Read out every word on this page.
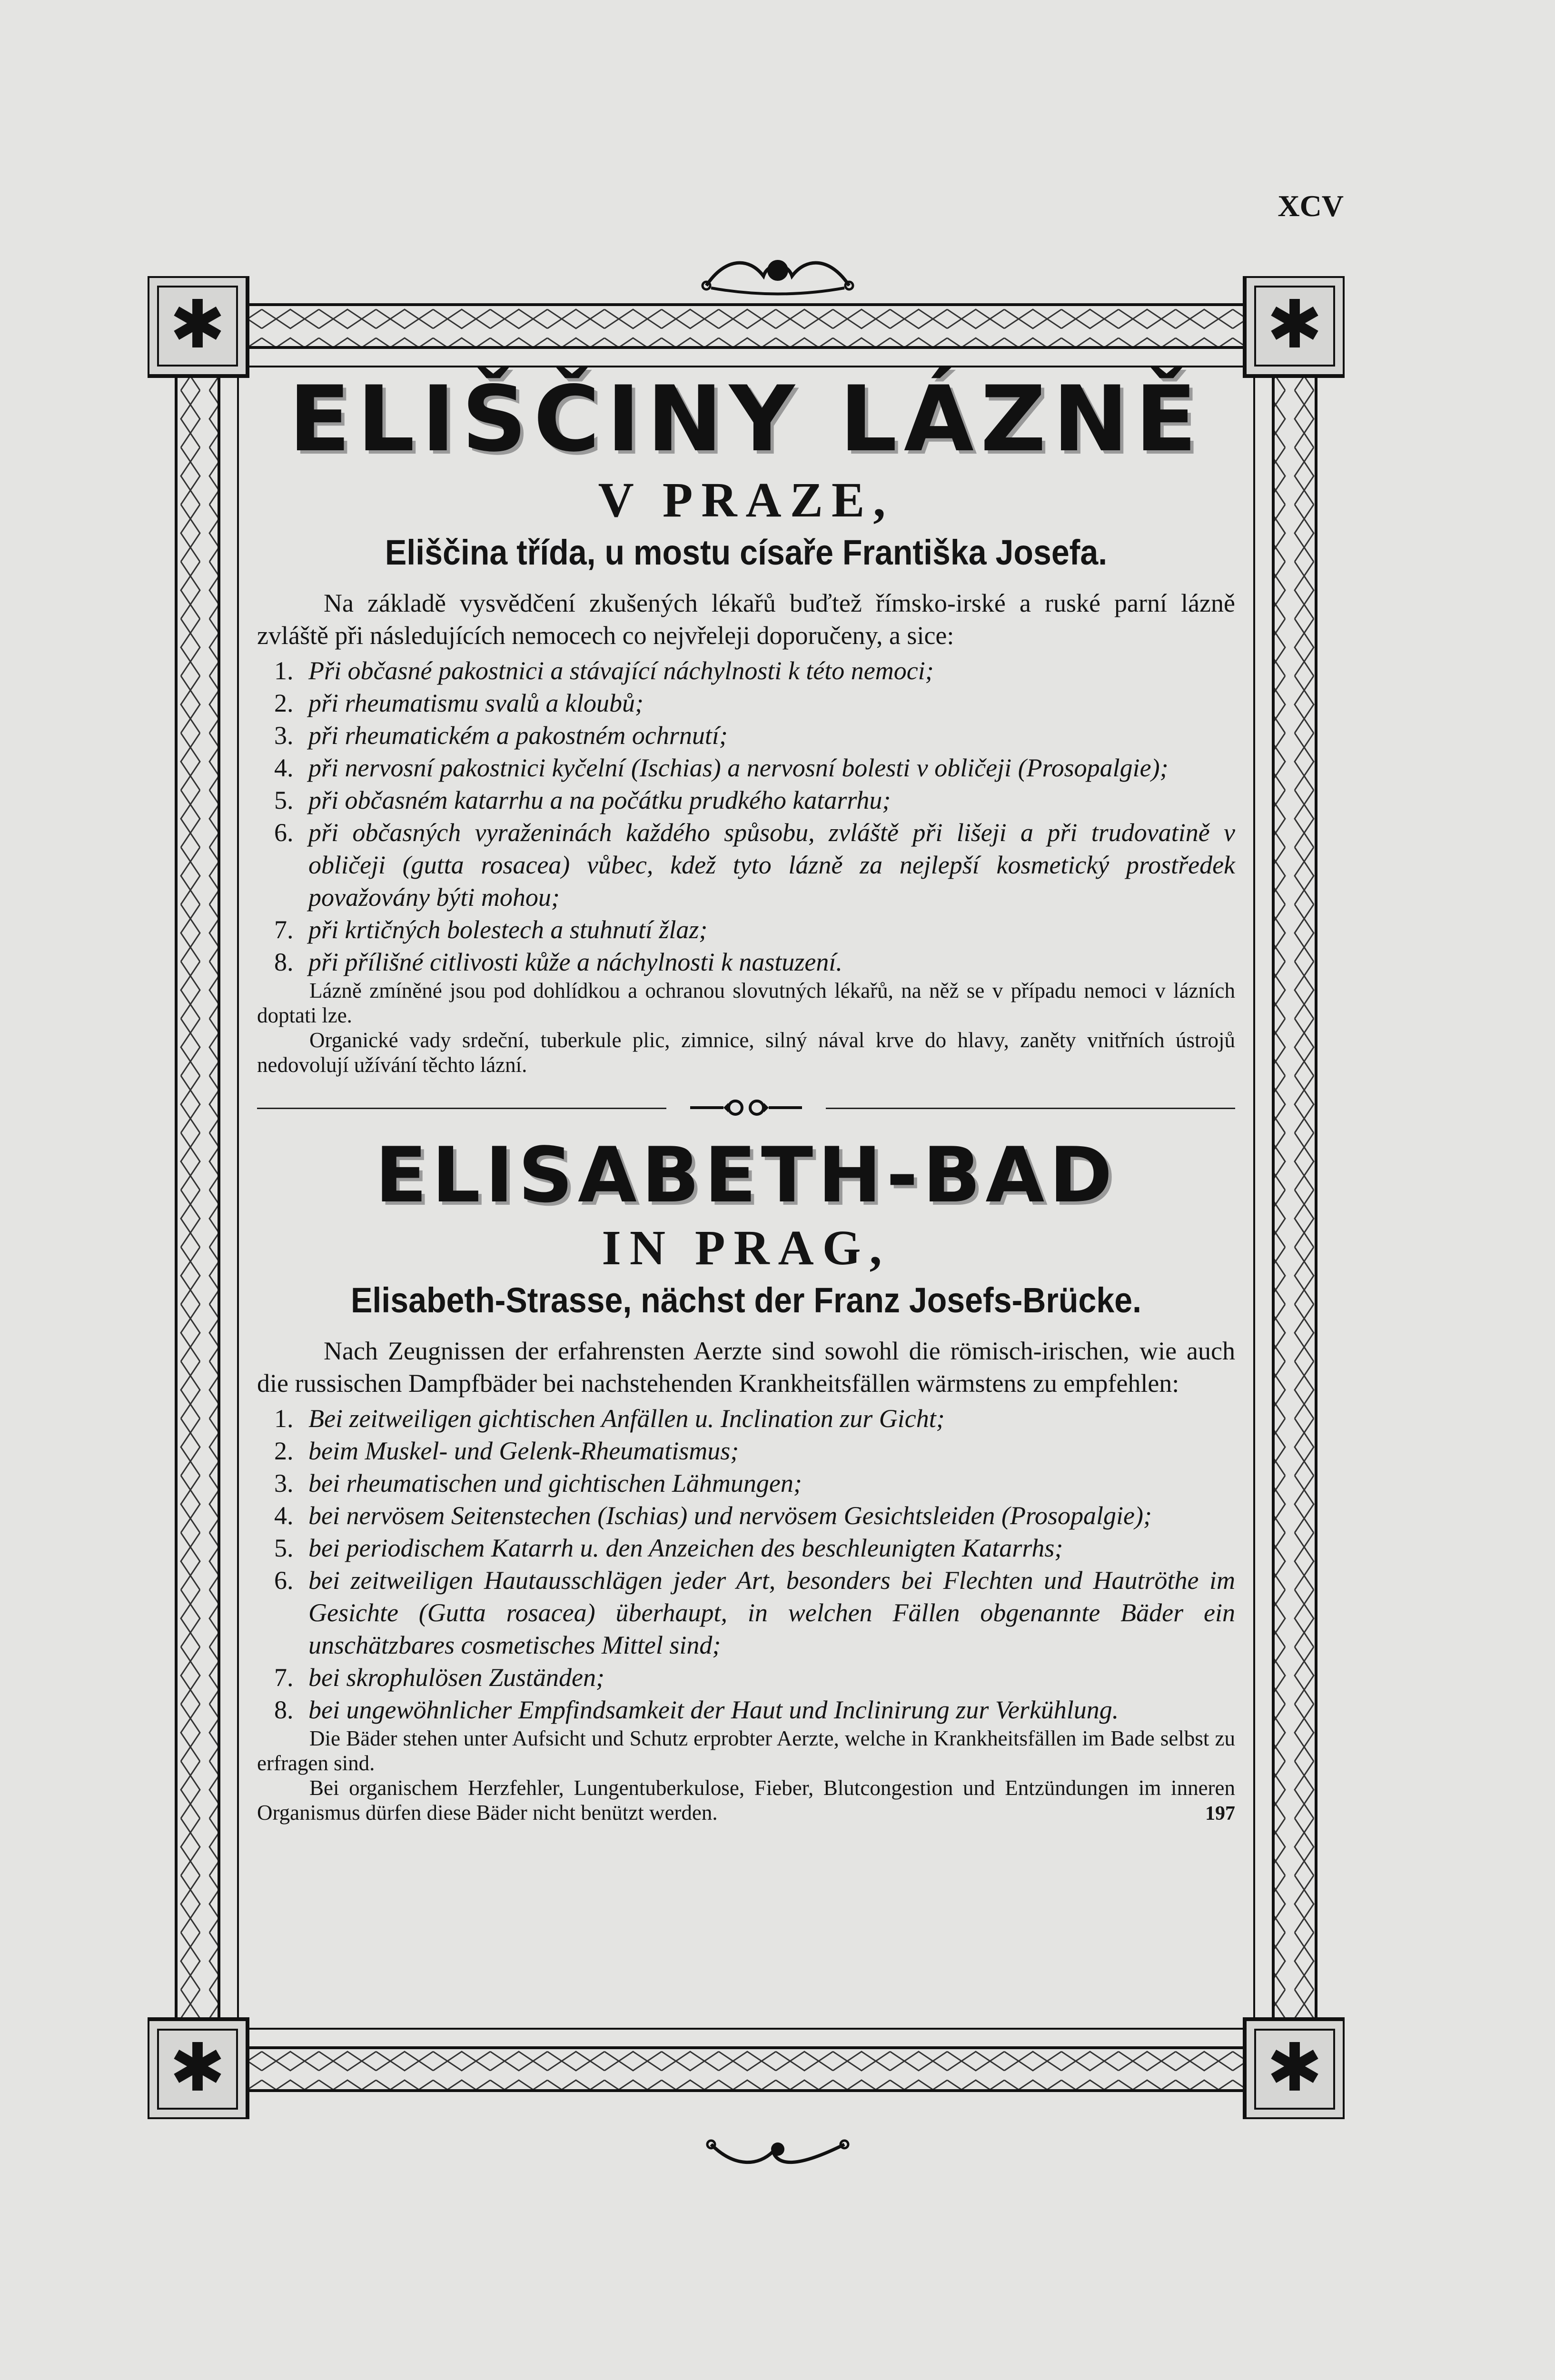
XCV
✱	✱
✱	✱
ELIŠČINY LÁZNĚ
V PRAZE,
Eliščina třída, u mostu císaře Františka Josefa.

Na základě vysvědčení zkušených lékařů buďtež římsko-irské a ruské parní lázně zvláště při následujících nemocech co nejvřeleji doporučeny, a sice:

1. Při občasné pakostnici a stávající náchylnosti k této nemoci;
2. při rheumatismu svalů a kloubů;
3. při rheumatickém a pakostném ochrnutí;
4. při nervosní pakostnici kyčelní (Ischias) a nervosní bolesti v obličeji (Prosopalgie);
5. při občasném katarrhu a na počátku prudkého katarrhu;
6. při občasných vyraženinách každého spůsobu, zvláště při lišeji a při trudovatině v obličeji (gutta rosacea) vůbec, kdež tyto lázně za nejlepší kosmetický prostředek považovány býti mohou;
7. při krtičných bolestech a stuhnutí žlaz;
8. při přílišné citlivosti kůže a náchylnosti k nastuzení.

Lázně zmíněné jsou pod dohlídkou a ochranou slovutných lékařů, na něž se v případu nemoci v lázních doptati lze.

Organické vady srdeční, tuberkule plic, zimnice, silný nával krve do hlavy, zaněty vnitřních ústrojů nedovolují užívání těchto lázní.

ELISABETH-BAD
IN PRAG,
Elisabeth-Strasse, nächst der Franz Josefs-Brücke.

Nach Zeugnissen der erfahrensten Aerzte sind sowohl die römisch-irischen, wie auch die russischen Dampfbäder bei nachstehenden Krankheitsfällen wärmstens zu empfehlen:

1. Bei zeitweiligen gichtischen Anfällen u. Inclination zur Gicht;
2. beim Muskel- und Gelenk-Rheumatismus;
3. bei rheumatischen und gichtischen Lähmungen;
4. bei nervösem Seitenstechen (Ischias) und nervösem Gesichtsleiden (Prosopalgie);
5. bei periodischem Katarrh u. den Anzeichen des beschleunigten Katarrhs;
6. bei zeitweiligen Hautausschlägen jeder Art, besonders bei Flechten und Hautröthe im Gesichte (Gutta rosacea) überhaupt, in welchen Fällen obgenannte Bäder ein unschätzbares cosmetisches Mittel sind;
7. bei skrophulösen Zuständen;
8. bei ungewöhnlicher Empfindsamkeit der Haut und Inclinirung zur Verkühlung.

Die Bäder stehen unter Aufsicht und Schutz erprobter Aerzte, welche in Krankheitsfällen im Bade selbst zu erfragen sind.

Bei organischem Herzfehler, Lungentuberkulose, Fieber, Blutcongestion und Entzündungen im inneren Organismus dürfen diese Bäder nicht benützt werden.	197
